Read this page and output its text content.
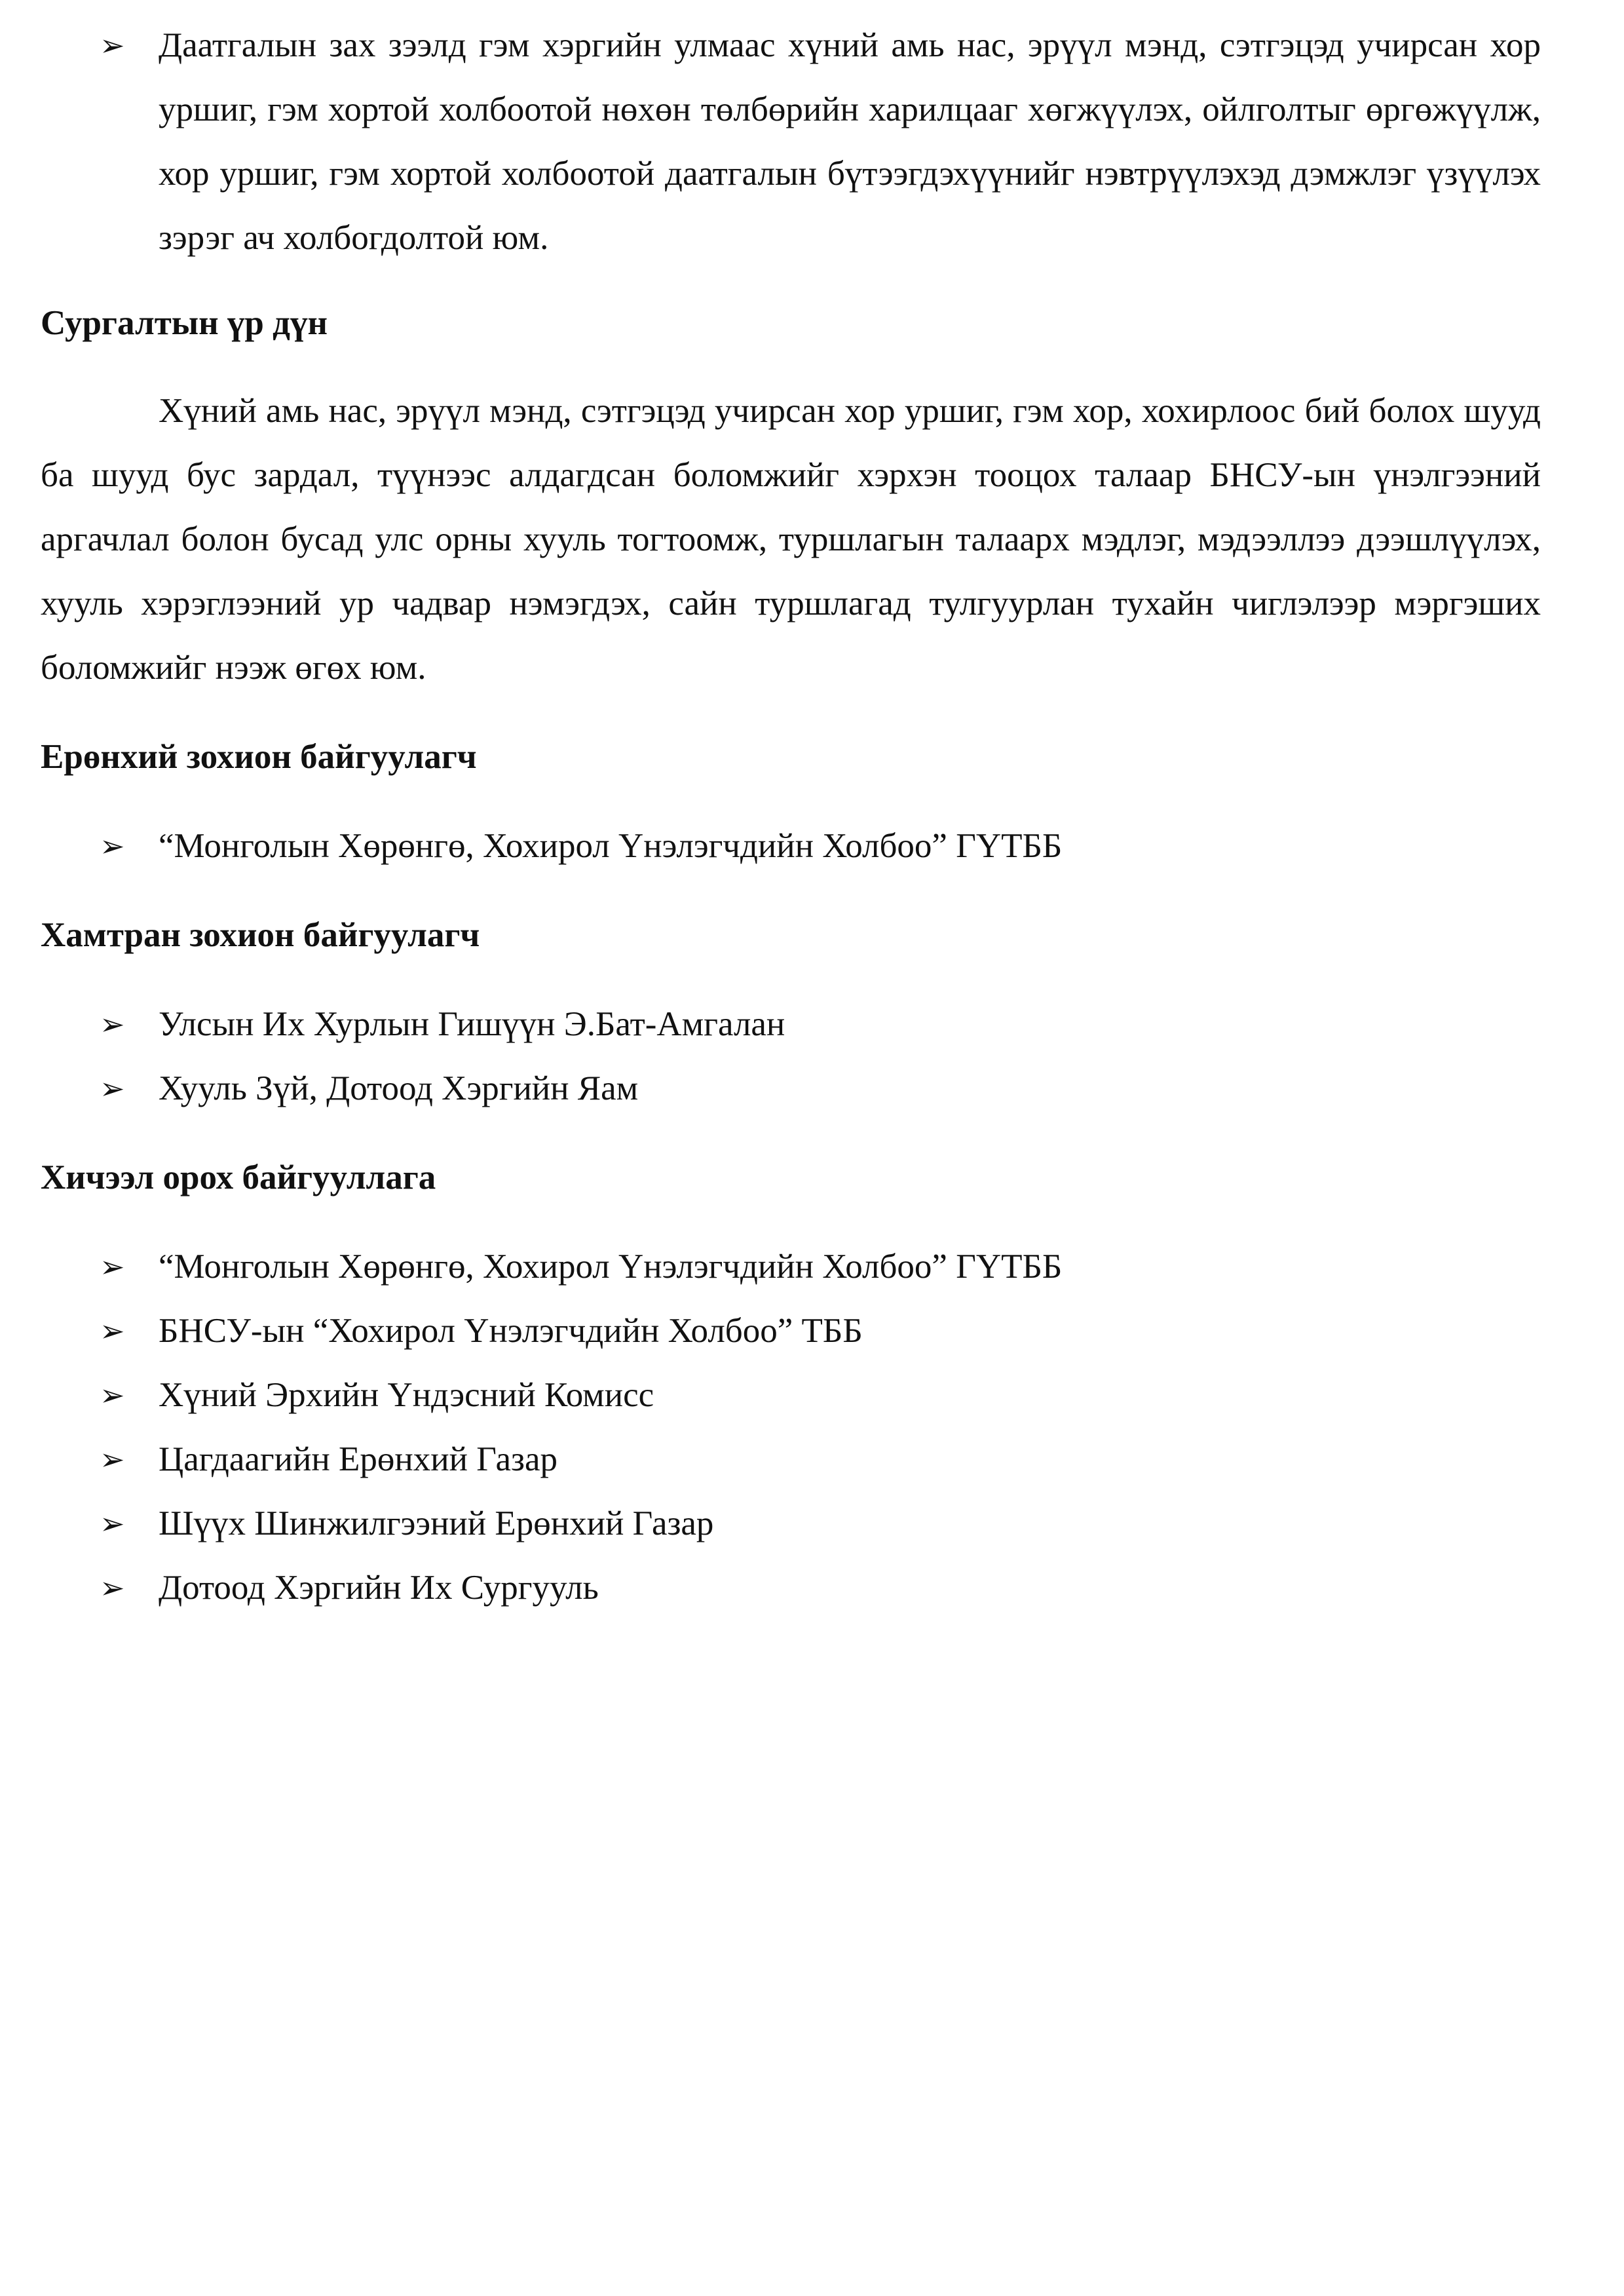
➢ Даатгалын зах зээлд гэм хэргийн улмаас хүний амь нас, эрүүл мэнд, сэтгэцэд учирсан хор уршиг, гэм хортой холбоотой нөхөн төлбөрийн харилцааг хөгжүүлэх, ойлголтыг өргөжүүлж, хор уршиг, гэм хортой холбоотой даатгалын бүтээгдэхүүнийг нэвтрүүлэхэд дэмжлэг үзүүлэх зэрэг ач холбогдолтой юм.

Сургалтын үр дүн

Хүний амь нас, эрүүл мэнд, сэтгэцэд учирсан хор уршиг, гэм хор, хохирлоос бий болох шууд ба шууд бус зардал, түүнээс алдагдсан боломжийг хэрхэн тооцох талаар БНСУ-ын үнэлгээний аргачлал болон бусад улс орны хууль тогтоомж, туршлагын талаарх мэдлэг, мэдээллээ дээшлүүлэх, хууль хэрэглээний ур чадвар нэмэгдэх, сайн туршлагад тулгуурлан тухайн чиглэлээр мэргэших боломжийг нээж өгөх юм.

Ерөнхий зохион байгуулагч

➢ “Монголын Хөрөнгө, Хохирол Үнэлэгчдийн Холбоо” ГҮТББ

Хамтран зохион байгуулагч

➢ Улсын Их Хурлын Гишүүн Э.Бат-Амгалан
➢ Хууль Зүй, Дотоод Хэргийн Яам

Хичээл орох байгууллага

➢ “Монголын Хөрөнгө, Хохирол Үнэлэгчдийн Холбоо” ГҮТББ
➢ БНСУ-ын “Хохирол Үнэлэгчдийн Холбоо” ТББ
➢ Хүний Эрхийн Үндэсний Комисс
➢ Цагдаагийн Ерөнхий Газар
➢ Шүүх Шинжилгээний Ерөнхий Газар
➢ Дотоод Хэргийн Их Сургууль
